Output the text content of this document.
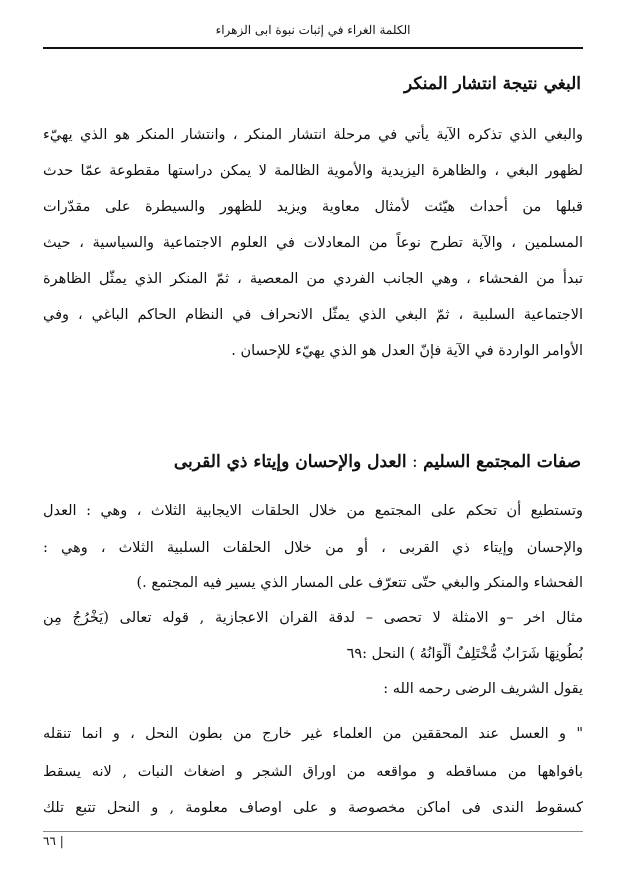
الكلمة الغراء في إثبات نبوة ابى الزهراء
البغي نتيجة انتشار المنكر
والبغي الذي تذكره الآية يأتي في مرحلة انتشار المنكر ، وانتشار المنكر هو الذي يهيّء
لظهور البغي ، والظاهرة اليزيدية والأموية الظالمة لا يمكن دراستها مقطوعة عمّا حدث
قبلها من أحداث هيّئت لأمثال معاوية ويزيد للظهور والسيطرة على مقدّرات
المسلمين ، والآية تطرح نوعاً من المعادلات في العلوم الاجتماعية والسياسية ، حيث
تبدأ من الفحشاء ، وهي الجانب الفردي من المعصية ، ثمّ المنكر الذي يمثّل الظاهرة
الاجتماعية السلبية ، ثمّ البغي الذي يمثّل الانحراف في النظام الحاكم الباغي ، وفي
الأوامر الواردة في الآية فإنّ العدل هو الذي يهيّء للإحسان .
صفات المجتمع السليم : العدل والإحسان وإيتاء ذي القربى
وتستطيع أن تحكم على المجتمع من خلال الحلقات الايجابية الثلاث ، وهي : العدل
والإحسان وإيتاء ذي القربى ، أو من خلال الحلقات السلبية الثلاث ، وهي :
الفحشاء والمنكر والبغي حتّى تتعرّف على المسار الذي يسير فيه المجتمع .)
مثال اخر –و الامثلة لا تحصى – لدقة القران الاعجازية , قوله تعالى (يَخْرُجُ مِن
بُطُونِهَا شَرَابٌ مُّخْتَلِفٌ أَلْوَانُهُ ) النحل :٦٩
يقول الشريف الرضى رحمه الله :
" و العسل عند المحققين من العلماء غير خارج من بطون النحل ، و انما تنقله
بافواهها من مساقطه و مواقعه من اوراق الشجر و اضغاث النبات , لانه يسقط
كسقوط الندى فى اماكن مخصوصة و على اوصاف معلومة , و النحل تتبع تلك
٦٦ |
